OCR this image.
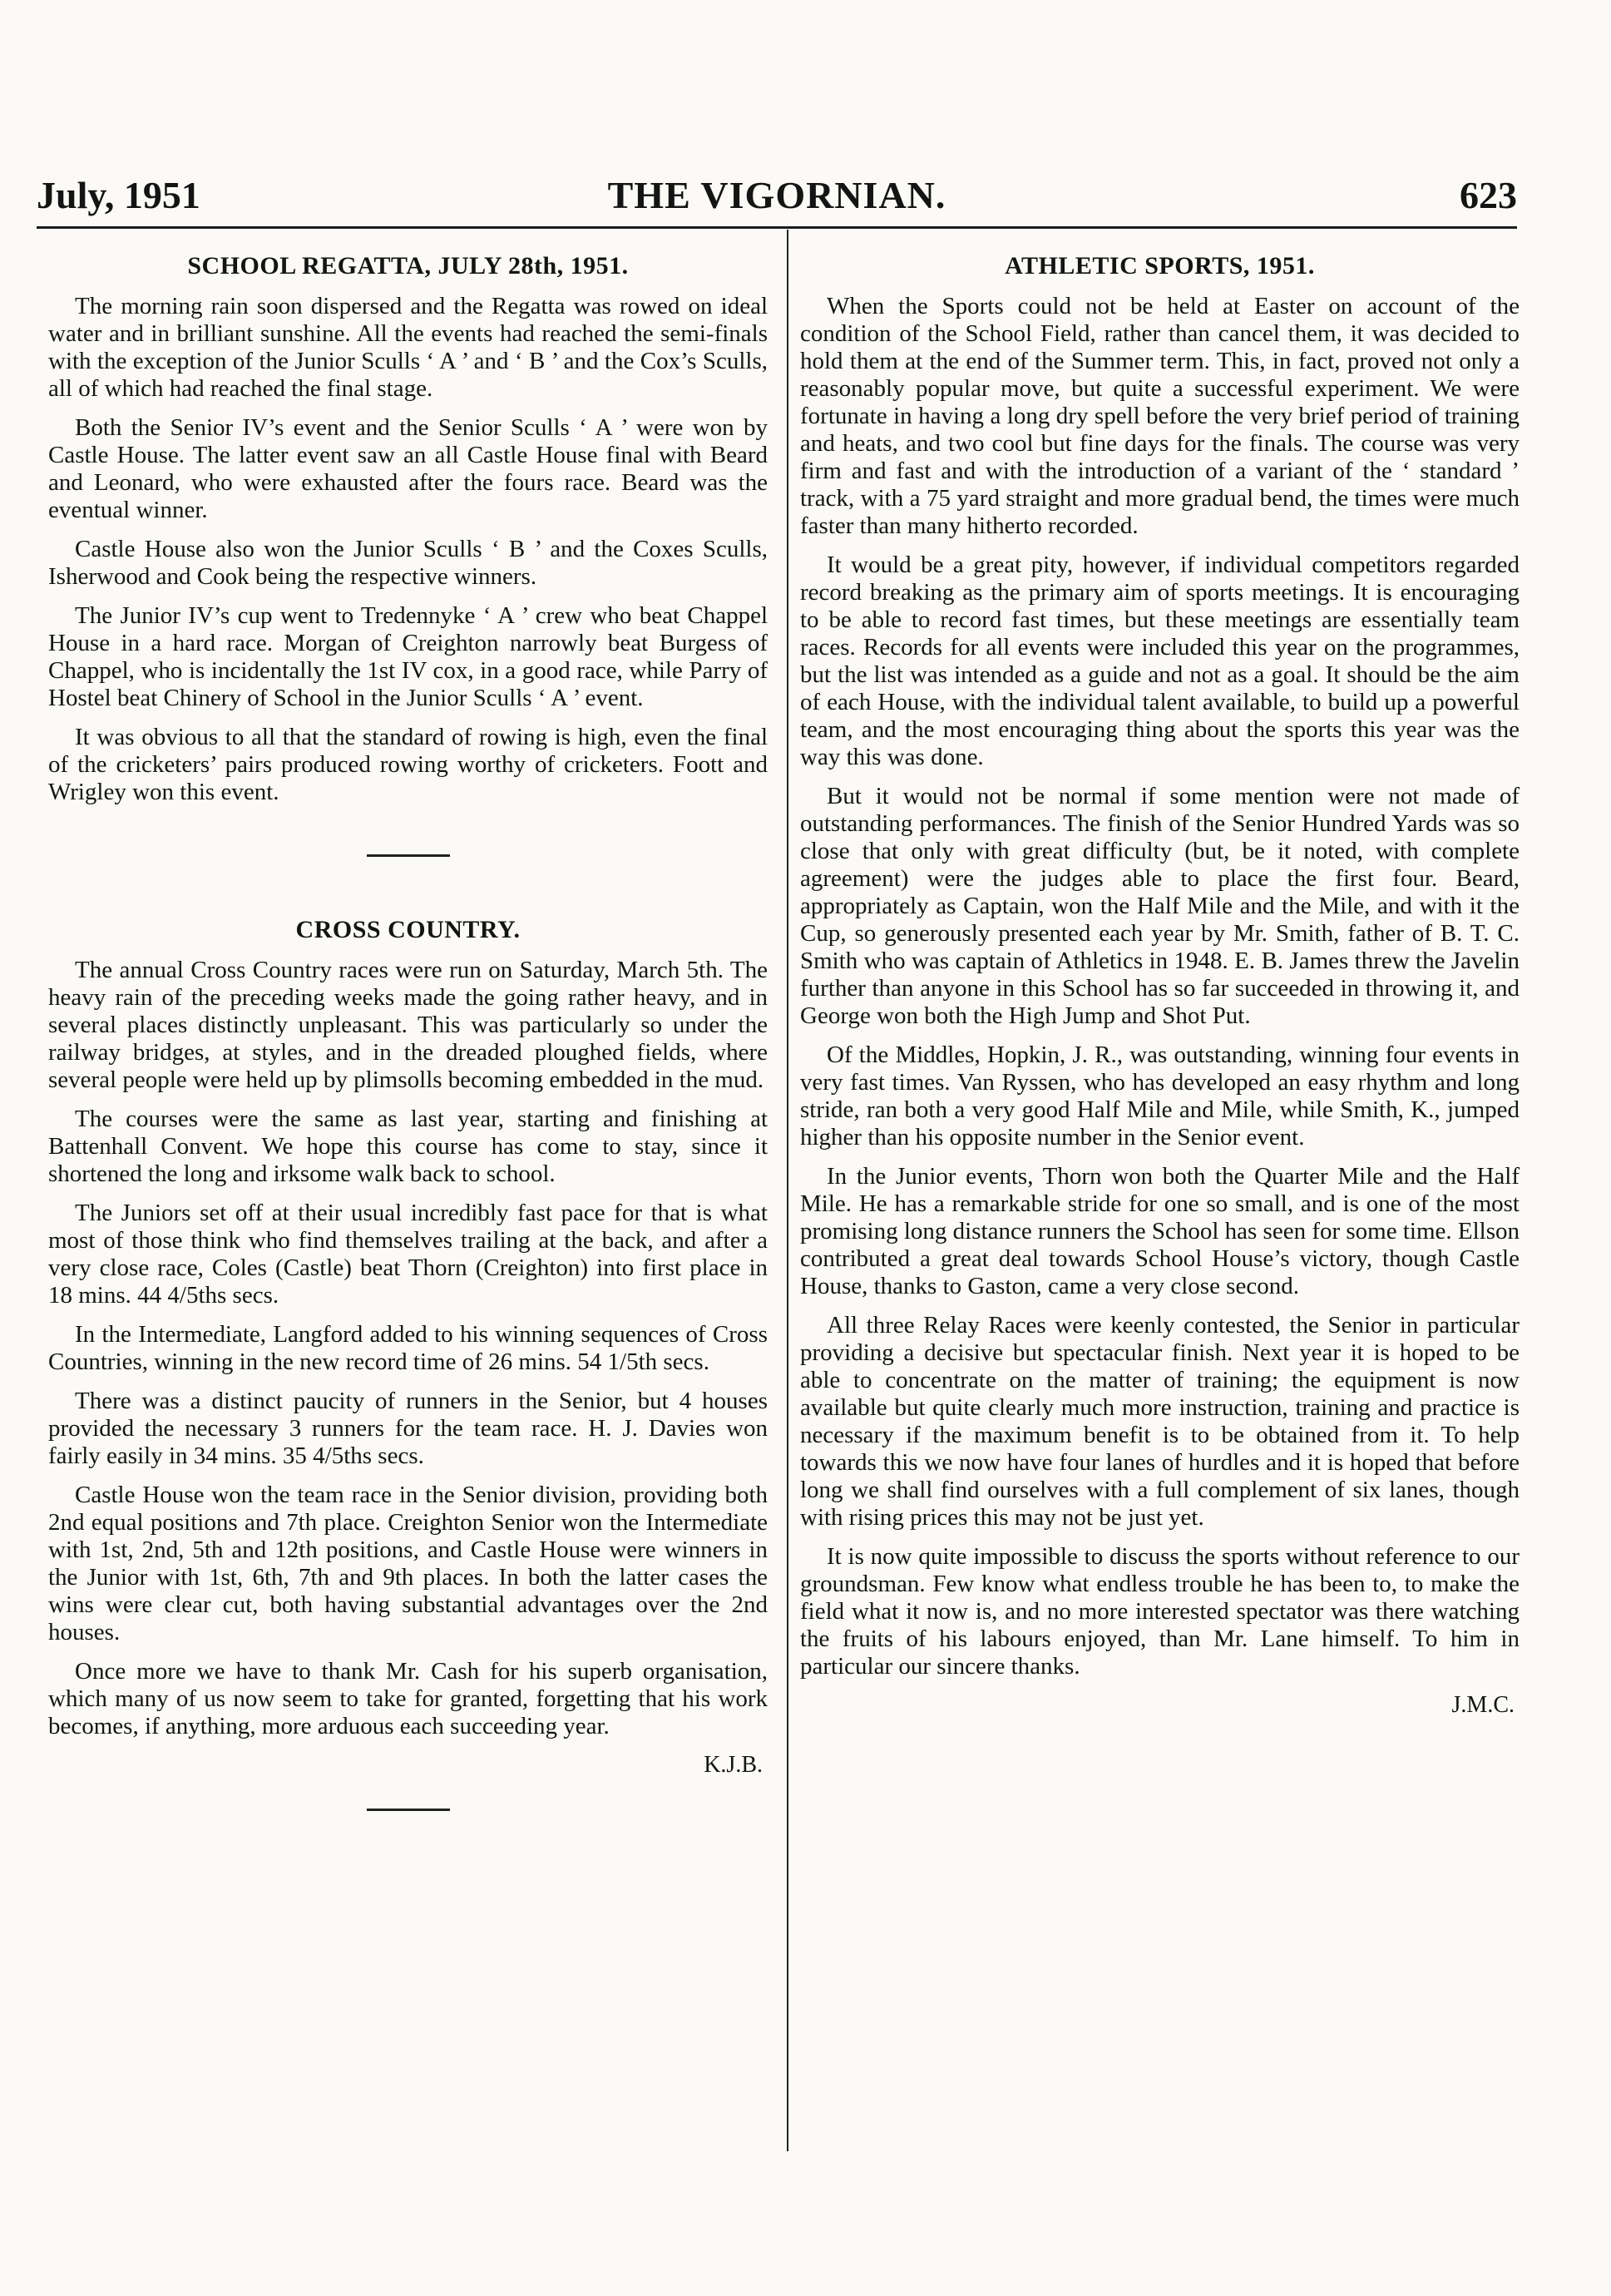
THE VIGORNIAN.
July, 1951	623
SCHOOL REGATTA, JULY 28th, 1951.

The morning rain soon dispersed and the Regatta was rowed on ideal water and in brilliant sunshine. All the events had reached the semi-finals with the exception of the Junior Sculls ‘ A ’ and ‘ B ’ and the Cox’s Sculls, all of which had reached the final stage.

Both the Senior IV’s event and the Senior Sculls ‘ A ’ were won by Castle House. The latter event saw an all Castle House final with Beard and Leonard, who were exhausted after the fours race. Beard was the eventual winner.

Castle House also won the Junior Sculls ‘ B ’ and the Coxes Sculls, Isherwood and Cook being the respective winners.

The Junior IV’s cup went to Tredennyke ‘ A ’ crew who beat Chappel House in a hard race. Morgan of Creighton narrowly beat Burgess of Chappel, who is incidentally the 1st IV cox, in a good race, while Parry of Hostel beat Chinery of School in the Junior Sculls ‘ A ’ event.

It was obvious to all that the standard of rowing is high, even the final of the cricketers’ pairs produced rowing worthy of cricketers. Foott and Wrigley won this event.

CROSS COUNTRY.

The annual Cross Country races were run on Saturday, March 5th. The heavy rain of the preceding weeks made the going rather heavy, and in several places distinctly unpleasant. This was particularly so under the railway bridges, at styles, and in the dreaded ploughed fields, where several people were held up by plimsolls becoming embedded in the mud.

The courses were the same as last year, starting and finishing at Battenhall Convent. We hope this course has come to stay, since it shortened the long and irksome walk back to school.

The Juniors set off at their usual incredibly fast pace for that is what most of those think who find themselves trailing at the back, and after a very close race, Coles (Castle) beat Thorn (Creighton) into first place in 18 mins. 44 4/5ths secs.

In the Intermediate, Langford added to his winning sequences of Cross Countries, winning in the new record time of 26 mins. 54 1/5th secs.

There was a distinct paucity of runners in the Senior, but 4 houses provided the necessary 3 runners for the team race. H. J. Davies won fairly easily in 34 mins. 35 4/5ths secs.

Castle House won the team race in the Senior division, providing both 2nd equal positions and 7th place. Creighton Senior won the Intermediate with 1st, 2nd, 5th and 12th positions, and Castle House were winners in the Junior with 1st, 6th, 7th and 9th places. In both the latter cases the wins were clear cut, both having substantial advantages over the 2nd houses.

Once more we have to thank Mr. Cash for his superb organisation, which many of us now seem to take for granted, forgetting that his work becomes, if anything, more arduous each succeeding year.

K.J.B.
ATHLETIC SPORTS, 1951.

When the Sports could not be held at Easter on account of the condition of the School Field, rather than cancel them, it was decided to hold them at the end of the Summer term. This, in fact, proved not only a reasonably popular move, but quite a successful experiment. We were fortunate in having a long dry spell before the very brief period of training and heats, and two cool but fine days for the finals. The course was very firm and fast and with the introduction of a variant of the ‘ standard ’ track, with a 75 yard straight and more gradual bend, the times were much faster than many hitherto recorded.

It would be a great pity, however, if individual competitors regarded record breaking as the primary aim of sports meetings. It is encouraging to be able to record fast times, but these meetings are essentially team races. Records for all events were included this year on the programmes, but the list was intended as a guide and not as a goal. It should be the aim of each House, with the individual talent available, to build up a powerful team, and the most encouraging thing about the sports this year was the way this was done.

But it would not be normal if some mention were not made of outstanding performances. The finish of the Senior Hundred Yards was so close that only with great difficulty (but, be it noted, with complete agreement) were the judges able to place the first four. Beard, appropriately as Captain, won the Half Mile and the Mile, and with it the Cup, so generously presented each year by Mr. Smith, father of B. T. C. Smith who was captain of Athletics in 1948. E. B. James threw the Javelin further than anyone in this School has so far succeeded in throwing it, and George won both the High Jump and Shot Put.

Of the Middles, Hopkin, J. R., was outstanding, winning four events in very fast times. Van Ryssen, who has developed an easy rhythm and long stride, ran both a very good Half Mile and Mile, while Smith, K., jumped higher than his opposite number in the Senior event.

In the Junior events, Thorn won both the Quarter Mile and the Half Mile. He has a remarkable stride for one so small, and is one of the most promising long distance runners the School has seen for some time. Ellson contributed a great deal towards School House’s victory, though Castle House, thanks to Gaston, came a very close second.

All three Relay Races were keenly contested, the Senior in particular providing a decisive but spectacular finish. Next year it is hoped to be able to concentrate on the matter of training; the equipment is now available but quite clearly much more instruction, training and practice is necessary if the maximum benefit is to be obtained from it. To help towards this we now have four lanes of hurdles and it is hoped that before long we shall find ourselves with a full complement of six lanes, though with rising prices this may not be just yet.

It is now quite impossible to discuss the sports without reference to our groundsman. Few know what endless trouble he has been to, to make the field what it now is, and no more interested spectator was there watching the fruits of his labours enjoyed, than Mr. Lane himself. To him in particular our sincere thanks.

J.M.C.
